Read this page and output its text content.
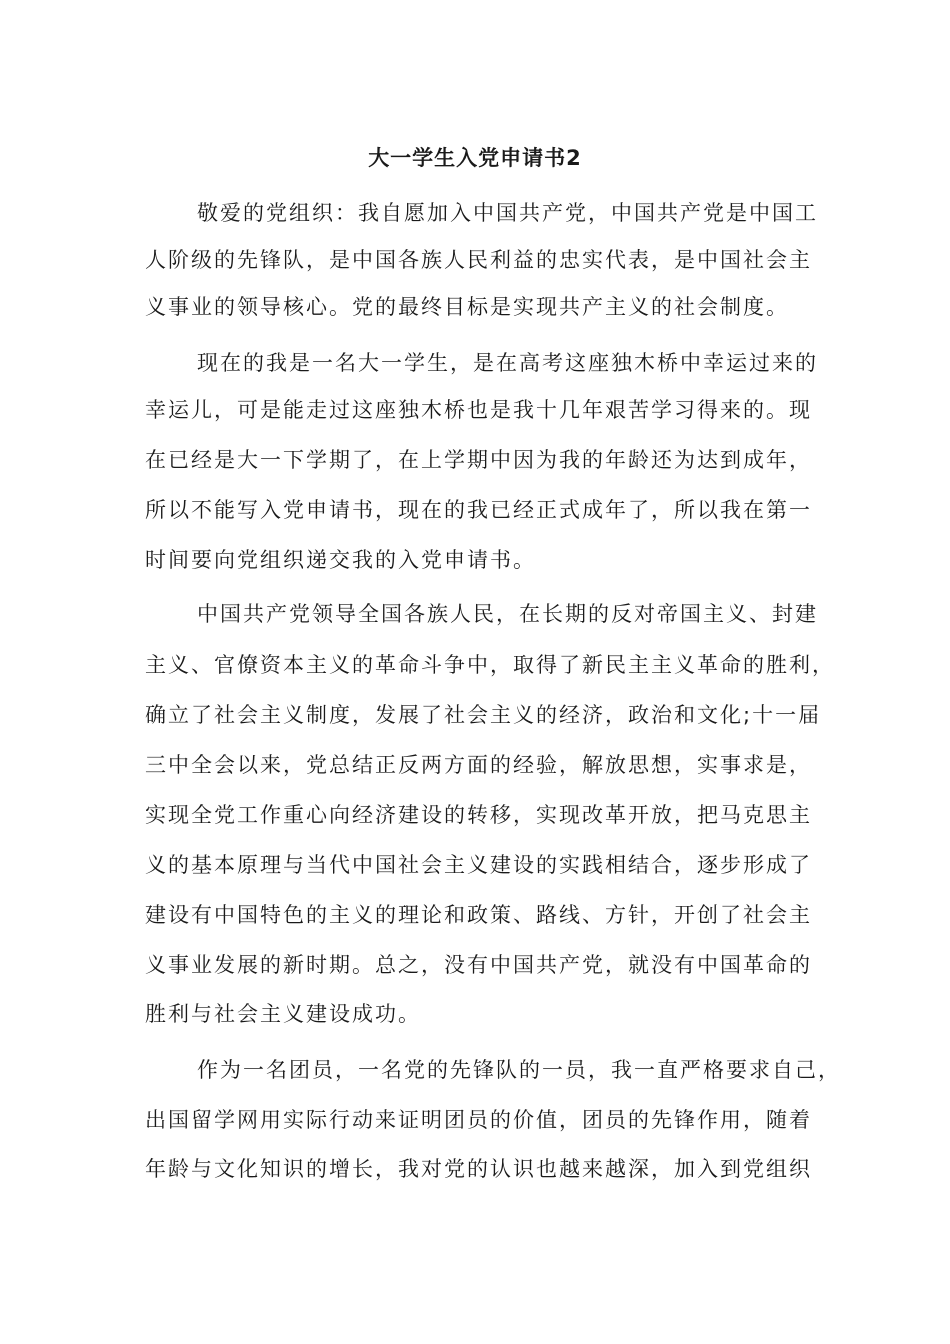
大一学生入党申请书2
敬爱的党组织：我自愿加入中国共产党，中国共产党是中国工
人阶级的先锋队，是中国各族人民利益的忠实代表，是中国社会主
义事业的领导核心。党的最终目标是实现共产主义的社会制度。
现在的我是一名大一学生，是在高考这座独木桥中幸运过来的
幸运儿，可是能走过这座独木桥也是我十几年艰苦学习得来的。现
在已经是大一下学期了，在上学期中因为我的年龄还为达到成年，
所以不能写入党申请书，现在的我已经正式成年了，所以我在第一
时间要向党组织递交我的入党申请书。
中国共产党领导全国各族人民，在长期的反对帝国主义、封建
主义、官僚资本主义的革命斗争中，取得了新民主主义革命的胜利，
确立了社会主义制度，发展了社会主义的经济，政治和文化;十一届
三中全会以来，党总结正反两方面的经验，解放思想，实事求是，
实现全党工作重心向经济建设的转移，实现改革开放，把马克思主
义的基本原理与当代中国社会主义建设的实践相结合，逐步形成了
建设有中国特色的主义的理论和政策、路线、方针，开创了社会主
义事业发展的新时期。总之，没有中国共产党，就没有中国革命的
胜利与社会主义建设成功。
作为一名团员，一名党的先锋队的一员，我一直严格要求自己，
出国留学网用实际行动来证明团员的价值，团员的先锋作用，随着
年龄与文化知识的增长，我对党的认识也越来越深，加入到党组织
